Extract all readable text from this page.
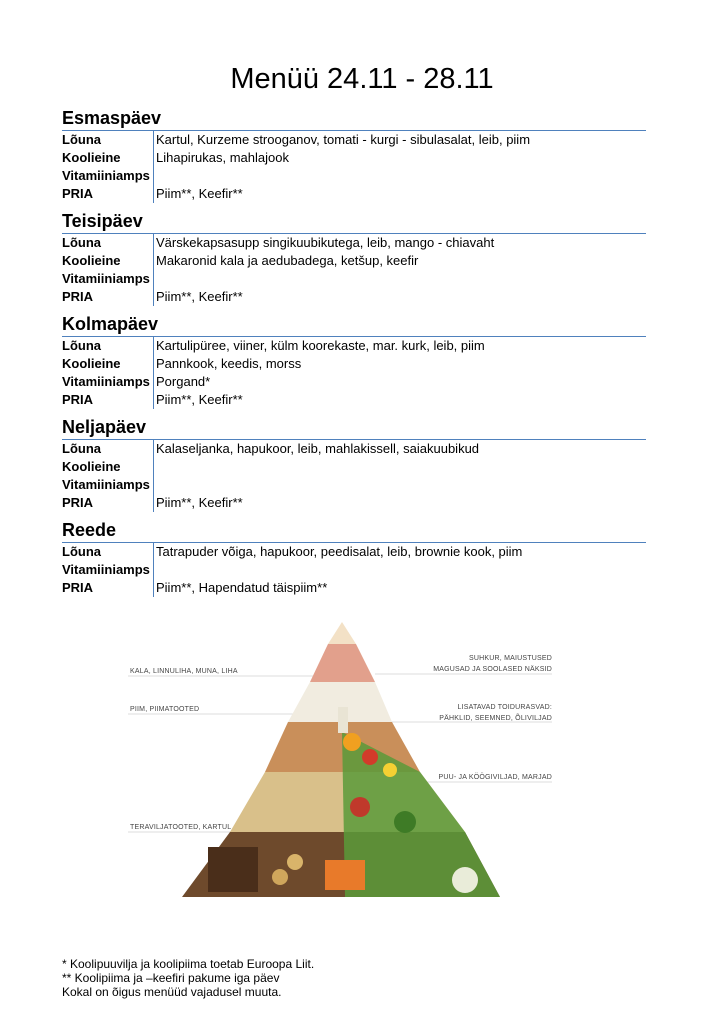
Menüü 24.11 - 28.11
Esmaspäev
Lõuna	Kartul, Kurzeme strooganov, tomati - kurgi - sibulasalat, leib, piim
Koolieine	Lihapirukas, mahlajook
Vitamiiniamps
PRIA	Piim**, Keefir**
Teisipäev
Lõuna	Värskekapsasupp singikuubikutega, leib, mango - chiavaht
Koolieine	Makaronid kala ja aedubadega, ketšup, keefir
Vitamiiniamps
PRIA	Piim**, Keefir**
Kolmapäev
Lõuna	Kartulipüree, viiner, külm koorekaste, mar. kurk, leib, piim
Koolieine	Pannkook, keedis, morss
Vitamiiniamps Porgand*
PRIA	Piim**, Keefir**
Neljapäev
Lõuna	Kalaseljanka, hapukoor, leib, mahlakissell, saiakuubikud
Koolieine
Vitamiiniamps
PRIA	Piim**, Keefir**
Reede
Lõuna	Tatrapuder võiga, hapukoor, peedisalat, leib, brownie kook, piim
Vitamiiniamps
PRIA	Piim**, Hapendatud täispiim**
KALA, LINNULIHA, MUNA, LIHA
PIIM, PIIMATOOTED
TERAVILJATOOTED, KARTUL
SUHKUR, MAIUSTUSED
MAGUSAD JA SOOLASED NÄKSID
LISATAVAD TOIDURASVAD:
PÄHKLID, SEEMNED, ÕLIVILJAD
PUU- JA KÖÖGIVILJAD, MARJAD
* Koolipuuvilja ja koolipiima toetab Euroopa Liit.
** Koolipiima ja –keefiri pakume iga päev
Kokal on õigus menüüd vajadusel muuta.
